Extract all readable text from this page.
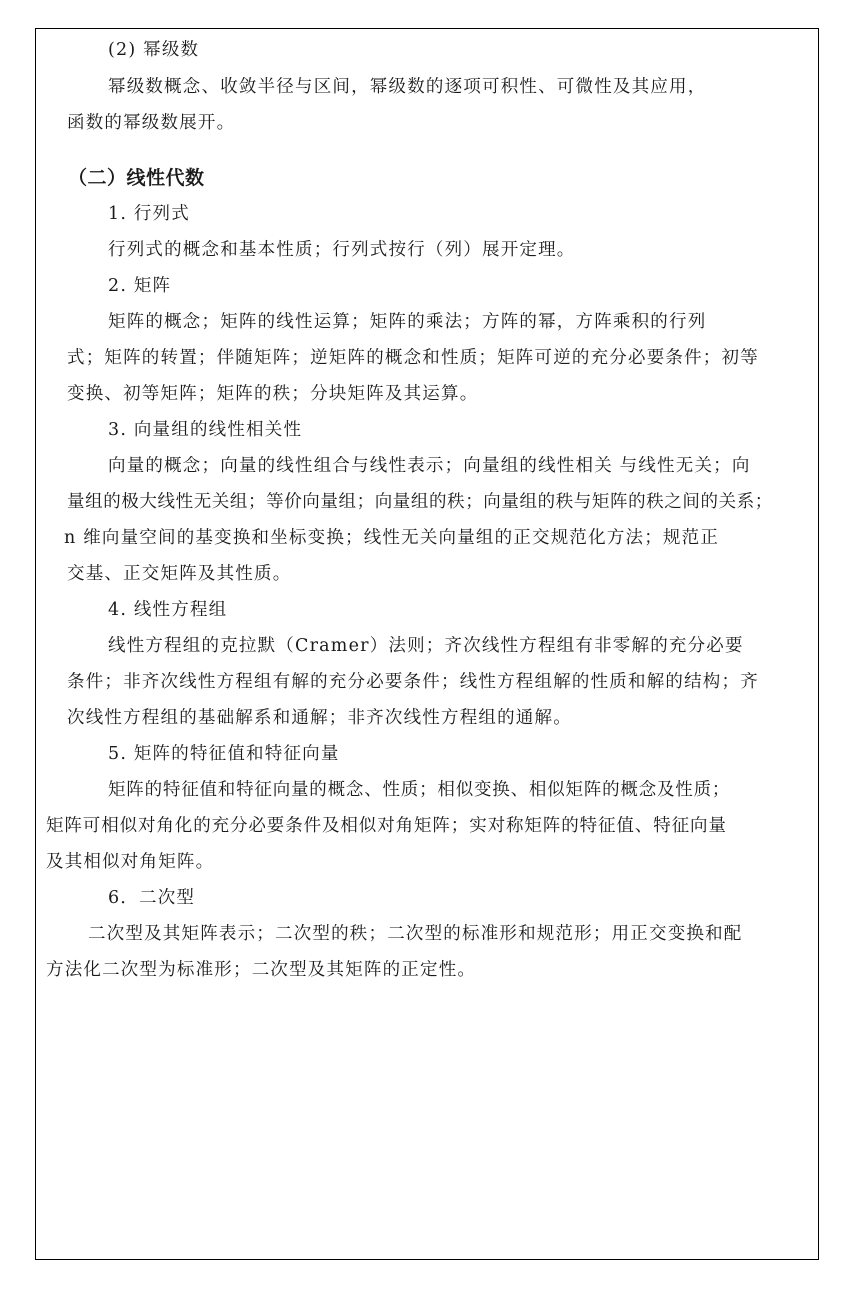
(2) 幂级数
幂级数概念、收敛半径与区间，幂级数的逐项可积性、可微性及其应用，
函数的幂级数展开。
（二）线性代数
1. 行列式
行列式的概念和基本性质；行列式按行（列）展开定理。
2. 矩阵
矩阵的概念；矩阵的线性运算；矩阵的乘法；方阵的幂，方阵乘积的行列
式；矩阵的转置；伴随矩阵；逆矩阵的概念和性质；矩阵可逆的充分必要条件；初等
变换、初等矩阵；矩阵的秩；分块矩阵及其运算。
3. 向量组的线性相关性
向量的概念；向量的线性组合与线性表示；向量组的线性相关 与线性无关；向
量组的极大线性无关组；等价向量组；向量组的秩；向量组的秩与矩阵的秩之间的关系；
n 维向量空间的基变换和坐标变换；线性无关向量组的正交规范化方法；规范正
交基、正交矩阵及其性质。
4. 线性方程组
线性方程组的克拉默（Cramer）法则；齐次线性方程组有非零解的充分必要
条件；非齐次线性方程组有解的充分必要条件；线性方程组解的性质和解的结构；齐
次线性方程组的基础解系和通解；非齐次线性方程组的通解。
5. 矩阵的特征值和特征向量
矩阵的特征值和特征向量的概念、性质；相似变换、相似矩阵的概念及性质；
矩阵可相似对角化的充分必要条件及相似对角矩阵；实对称矩阵的特征值、特征向量
及其相似对角矩阵。
6．二次型
二次型及其矩阵表示；二次型的秩；二次型的标准形和规范形；用正交变换和配
方法化二次型为标准形；二次型及其矩阵的正定性。
